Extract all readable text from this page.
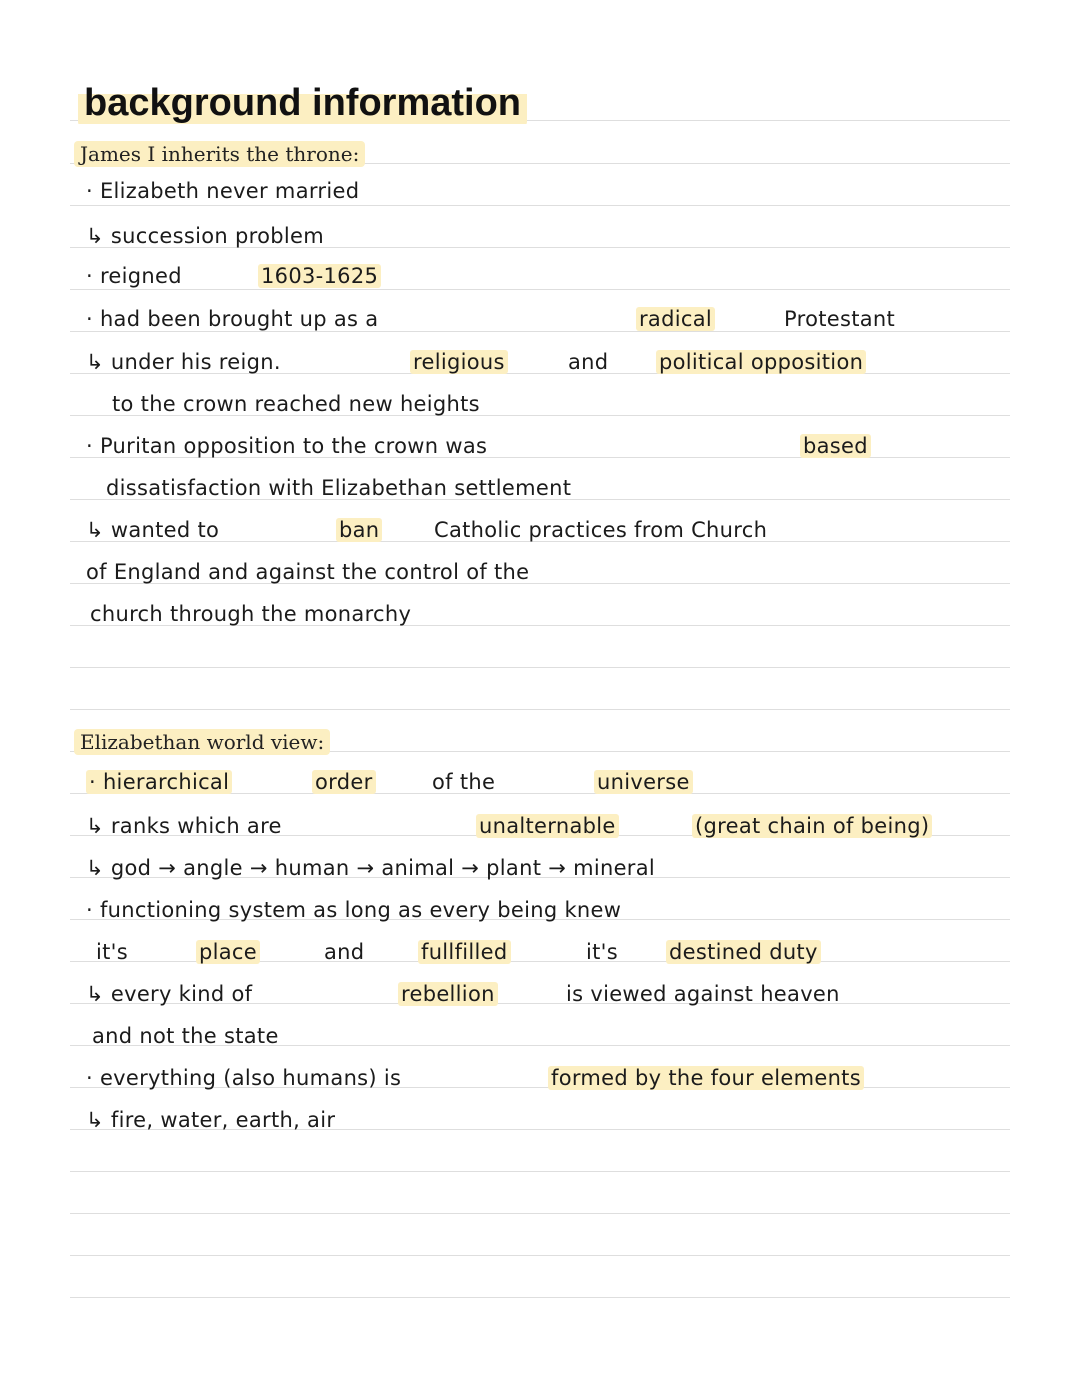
background information
James I inherits the throne:
· Elizabeth never married
↳ succession problem
· reigned	1603-1625
· had been brought up as a	radical	Protestant
↳ under his reign.	religious	and political opposition
to the crown reached new heights
· Puritan opposition to the crown was	based
dissatisfaction with Elizabethan settlement
↳ wanted to	ban	Catholic practices from Church
of England and against the control of the
church through the monarchy
Elizabethan world view:
· hierarchical	order	of the	universe
↳ ranks which are	unalternable	(great chain of being)
↳ god → angle → human → animal → plant → mineral
· functioning system as long as every being knew
it's	place	and	fullfilled	it's destined duty
↳ every kind of	rebellion	is viewed against heaven
and not the state
· everything (also humans) is	formed by the four elements
↳ fire, water, earth, air
